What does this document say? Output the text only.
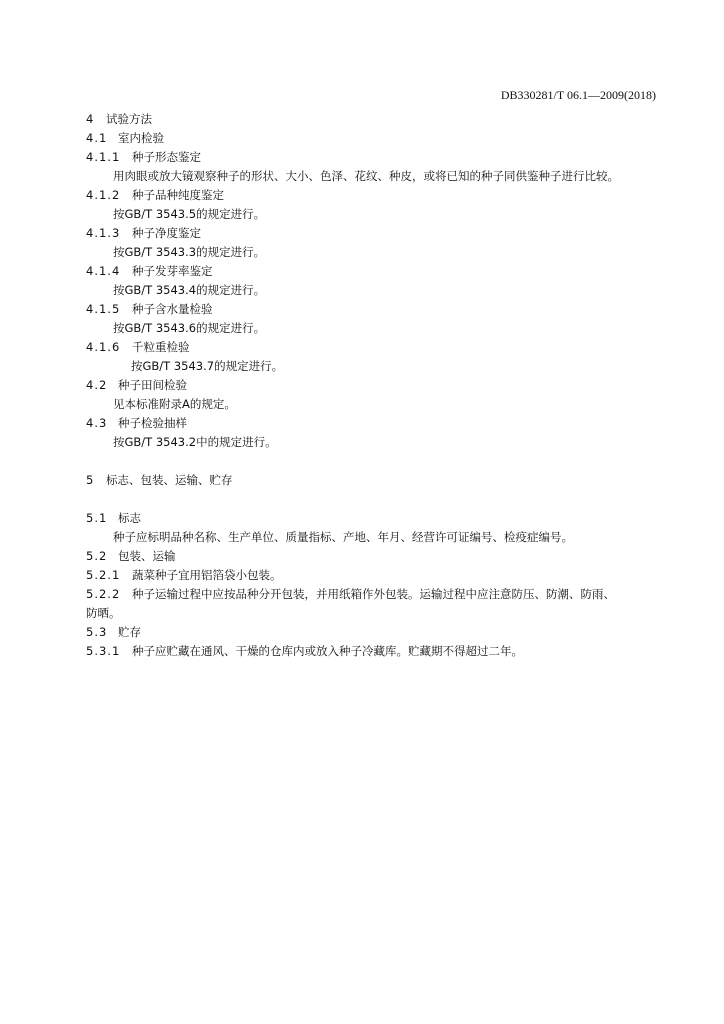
DB330281/T 06.1—2009(2018)
4 试验方法
4.1 室内检验
4.1.1 种子形态鉴定
用肉眼或放大镜观察种子的形状、大小、色泽、花纹、种皮，或将已知的种子同供鉴种子进行比较。
4.1.2 种子品种纯度鉴定
按GB/T 3543.5的规定进行。
4.1.3 种子净度鉴定
按GB/T 3543.3的规定进行。
4.1.4 种子发芽率鉴定
按GB/T 3543.4的规定进行。
4.1.5 种子含水量检验
按GB/T 3543.6的规定进行。
4.1.6 千粒重检验
按GB/T 3543.7的规定进行。
4.2 种子田间检验
见本标准附录A的规定。
4.3 种子检验抽样
按GB/T 3543.2中的规定进行。
5 标志、包装、运输、贮存
5.1 标志
种子应标明品种名称、生产单位、质量指标、产地、年月、经营许可证编号、检疫症编号。
5.2 包装、运输
5.2.1 蔬菜种子宜用铝箔袋小包装。
5.2.2 种子运输过程中应按品种分开包装，并用纸箱作外包装。运输过程中应注意防压、防潮、防雨、
防晒。
5.3 贮存
5.3.1 种子应贮藏在通风、干燥的仓库内或放入种子冷藏库。贮藏期不得超过二年。
